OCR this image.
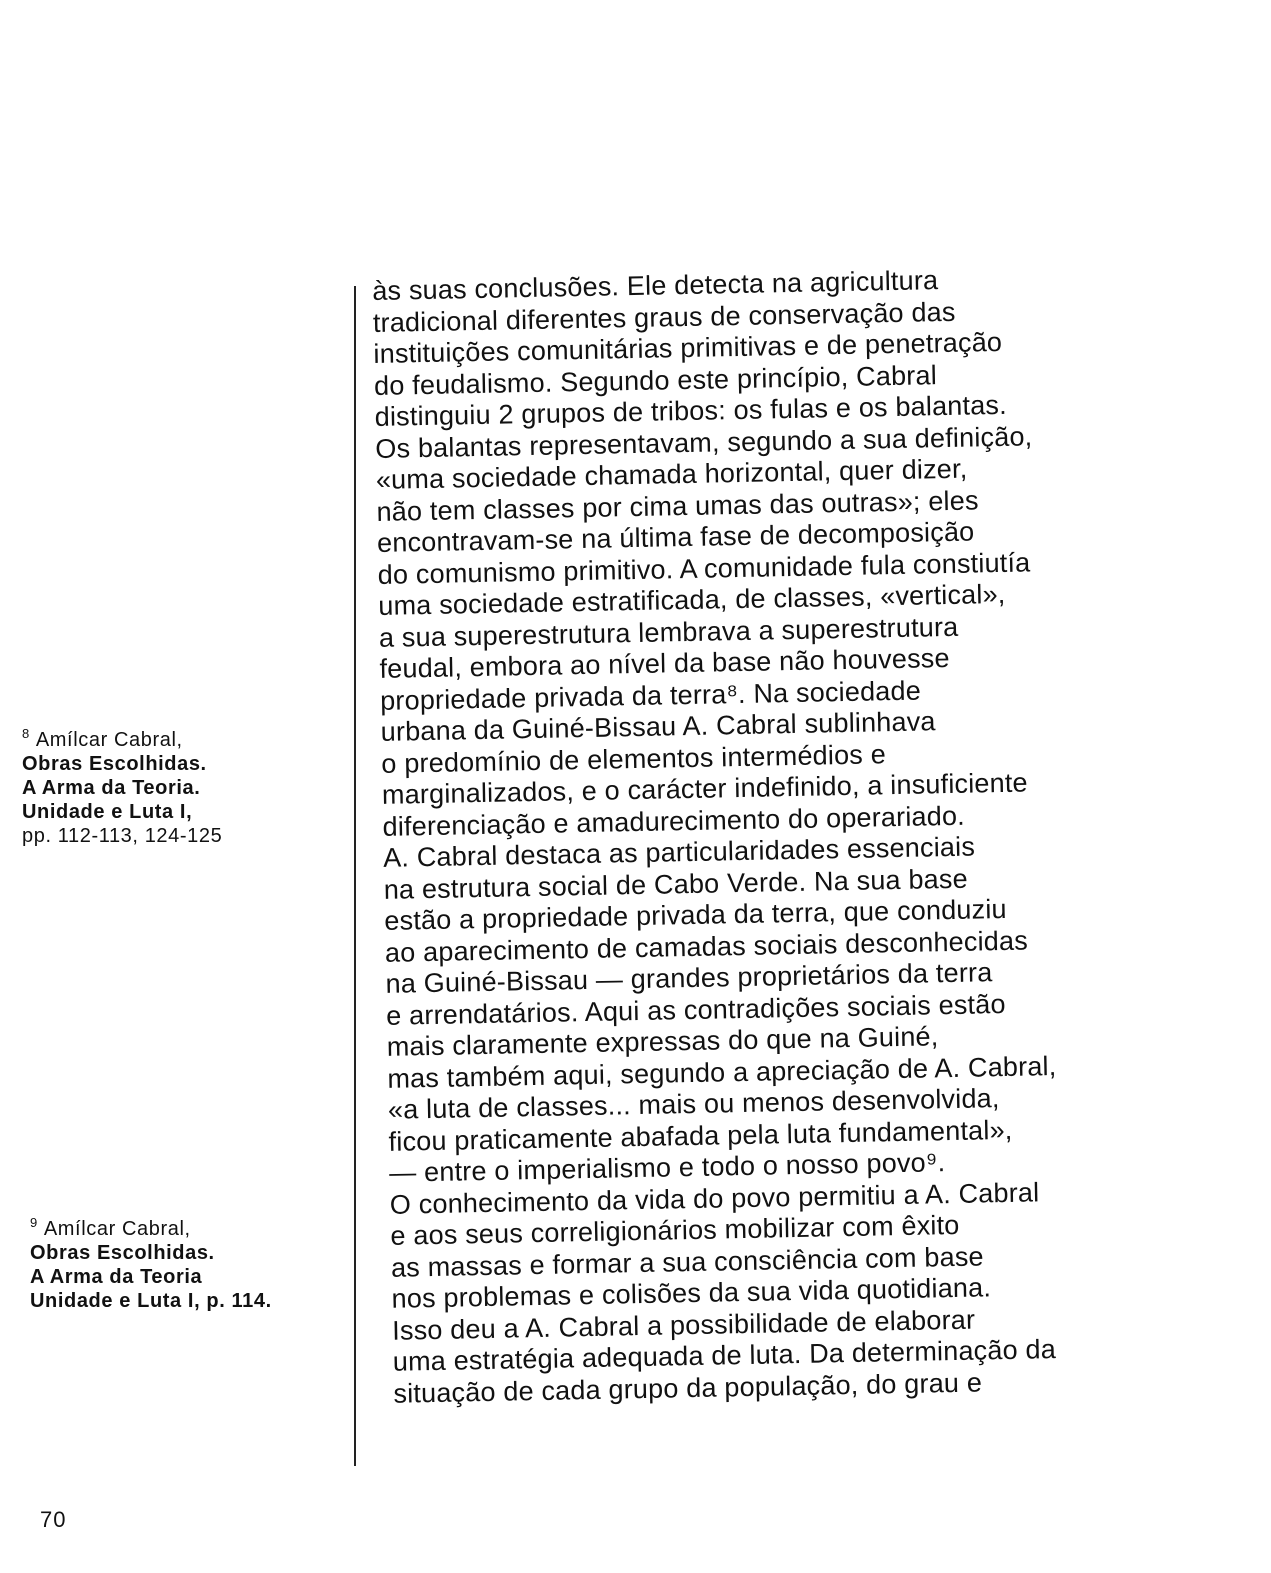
às suas conclusões. Ele detecta na agricultura
tradicional diferentes graus de conservação das
instituições comunitárias primitivas e de penetração
do feudalismo. Segundo este princípio, Cabral
distinguiu 2 grupos de tribos: os fulas e os balantas.
Os balantas representavam, segundo a sua definição,
«uma sociedade chamada horizontal, quer dizer,
não tem classes por cima umas das outras»; eles
encontravam-se na última fase de decomposição
do comunismo primitivo. A comunidade fula constiutía
uma sociedade estratificada, de classes, «vertical»,
a sua superestrutura lembrava a superestrutura
feudal, embora ao nível da base não houvesse
propriedade privada da terra⁸. Na sociedade
urbana da Guiné-Bissau A. Cabral sublinhava
o predomínio de elementos intermédios e
marginalizados, e o carácter indefinido, a insuficiente
diferenciação e amadurecimento do operariado.
A. Cabral destaca as particularidades essenciais
na estrutura social de Cabo Verde. Na sua base
estão a propriedade privada da terra, que conduziu
ao aparecimento de camadas sociais desconhecidas
na Guiné-Bissau — grandes proprietários da terra
e arrendatários. Aqui as contradições sociais estão
mais claramente expressas do que na Guiné,
mas também aqui, segundo a apreciação de A. Cabral,
«a luta de classes... mais ou menos desenvolvida,
ficou praticamente abafada pela luta fundamental»,
— entre o imperialismo e todo o nosso povo⁹.
O conhecimento da vida do povo permitiu a A. Cabral
e aos seus correligionários mobilizar com êxito
as massas e formar a sua consciência com base
nos problemas e colisões da sua vida quotidiana.
Isso deu a A. Cabral a possibilidade de elaborar
uma estratégia adequada de luta. Da determinação da
situação de cada grupo da população, do grau e
$^8$ Amílcar Cabral,
Obras Escolhidas.
A Arma da Teoria.
Unidade e Luta I,
pp. 112-113, 124-125
$^9$ Amílcar Cabral,
Obras Escolhidas.
A Arma da Teoria
Unidade e Luta I, p. 114.
70
